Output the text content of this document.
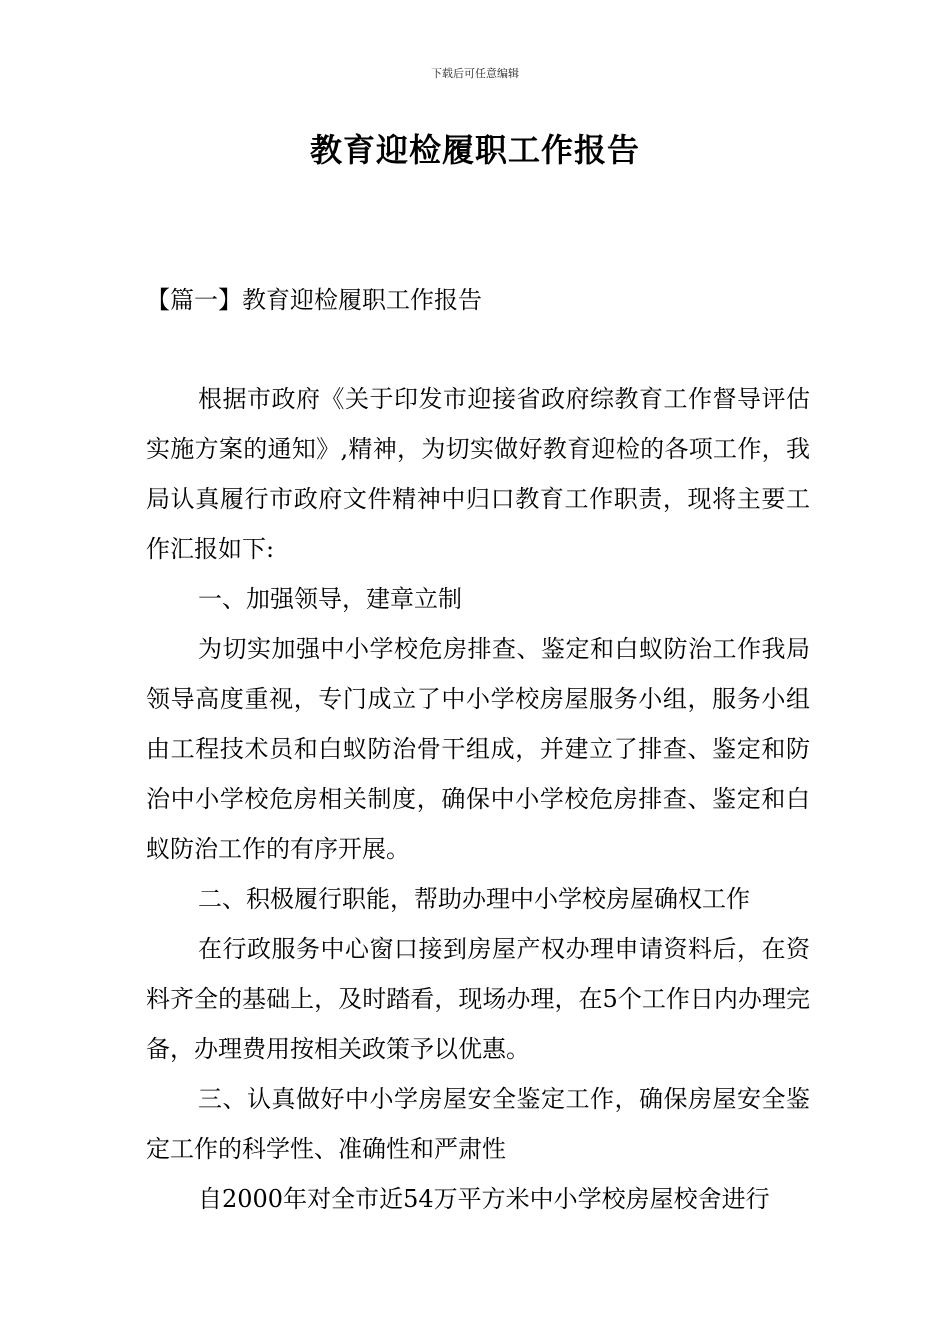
下载后可任意编辑
教育迎检履职工作报告
【篇一】教育迎检履职工作报告

根据市政府《关于印发市迎接省政府综教育工作督导评估实施方案的通知》,精神，为切实做好教育迎检的各项工作，我局认真履行市政府文件精神中归口教育工作职责，现将主要工作汇报如下:

一、加强领导，建章立制

为切实加强中小学校危房排查、鉴定和白蚁防治工作我局领导高度重视，专门成立了中小学校房屋服务小组，服务小组由工程技术员和白蚁防治骨干组成，并建立了排查、鉴定和防治中小学校危房相关制度，确保中小学校危房排查、鉴定和白蚁防治工作的有序开展。

二、积极履行职能，帮助办理中小学校房屋确权工作

在行政服务中心窗口接到房屋产权办理申请资料后，在资料齐全的基础上，及时踏看，现场办理，在5个工作日内办理完备，办理费用按相关政策予以优惠。

三、认真做好中小学房屋安全鉴定工作，确保房屋安全鉴定工作的科学性、准确性和严肃性

自2000年对全市近54万平方米中小学校房屋校舍进行
